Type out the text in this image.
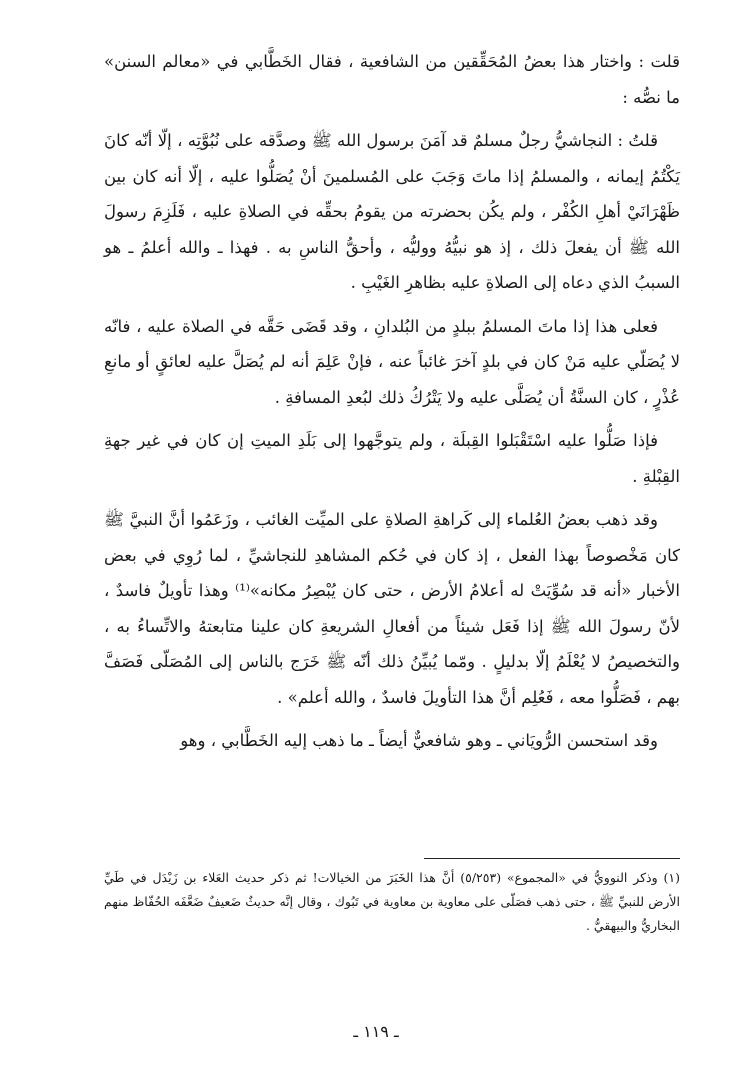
قلت : واختار هذا بعضُ المُحَقِّقين من الشافعية ، فقال الخَطَّابي في «معالم السنن» ما نصُّه :

قلتُ : النجاشيُّ رجلٌ مسلمٌ قد آمَنَ برسول الله ﷺ وصدَّقه على نُبُوَّتِه ، إلّا أنّه كانَ يَكْتُمُ إيمانه ، والمسلمُ إذا ماتَ وَجَبَ على المُسلمينَ أنْ يُصَلُّوا عليه ، إلّا أنه كان بين ظَهْرَانَيْ أهلِ الكُفْر ، ولم يكُن بحضرته من يقومُ بحقِّه في الصلاةِ عليه ، فَلَزِمَ رسولَ الله ﷺ أن يفعلَ ذلك ، إذ هو نبيُّهُ ووليُّه ، وأحقُّ الناسِ به . فهذا ـ والله أعلمُ ـ هو السببُ الذي دعاه إلى الصلاةِ عليه بظاهرِ الغَيْبِ .

فعلى هذا إذا ماتَ المسلمُ ببلدٍ من البُلدانِ ، وقد قَضَى حَقَّه في الصلاة عليه ، فانّه لا يُصَلّي عليه مَنْ كان في بلدٍ آخرَ غائباً عنه ، فإنْ عَلِمَ أنه لم يُصَلَّ عليه لعائقٍ أو مانعِ عُذْرٍ ، كان السنَّةُ أن يُصَلَّى عليه ولا يَتْرُكُ ذلك لبُعدِ المسافةِ .

فإذا صَلُّوا عليه اسْتَقْبَلوا القِبلَة ، ولم يتوجَّهوا إلى بَلَدِ الميتِ إن كان في غير جهةِ القِبْلةِ .

وقد ذهب بعضُ العُلماء إلى كَراهةِ الصلاةِ على الميِّت الغائب ، وزَعَمُوا أنَّ النبيَّ ﷺ كان مَخْصوصاً بهذا الفعل ، إذ كان في حُكم المشاهدِ للنجاشيِّ ، لما رُوِي في بعض الأخبار «أنه قد سُوِّيَتْ له أعلامُ الأرض ، حتى كان يُبْصِرُ مكانه»⁽¹⁾ وهذا تأويلٌ فاسدٌ ، لأنّ رسولَ الله ﷺ إذا فَعَل شيئاً من أفعالِ الشريعةِ كان علينا متابعتهُ والاتِّساءُ به ، والتخصيصُ لا يُعْلَمُ إلّا بدليلٍ . ومّما يُبيِّنُ ذلك أنّه ﷺ خَرَج بالناس إلى المُصَلّى فَصَفَّ بهم ، فَصَلُّوا معه ، فَعُلِم أنَّ هذا التأويلَ فاسدٌ ، والله أعلم» .

وقد استحسن الرُّويَاني ـ وهو شافعيٌّ أيضاً ـ ما ذهب إليه الخَطَّابي ، وهو

(١) وذكر النوويُّ في «المجموع» (٥/٢٥٣) أنَّ هذا الخَبَرَ من الخيالات! ثم ذكر حديث العَلاء بن زَيْدَل في طَيِّ الأرض للنبيِّ ﷺ ، حتى ذهب فصَلّى على معاوية بن معاوية في تَبُوك ، وقال إنَّه حديثٌ ضَعيفٌ ضَعَّفَه الحُفّاظ منهم البخاريُّ والبيهقيُّ .

ـ ١١٩ ـ
